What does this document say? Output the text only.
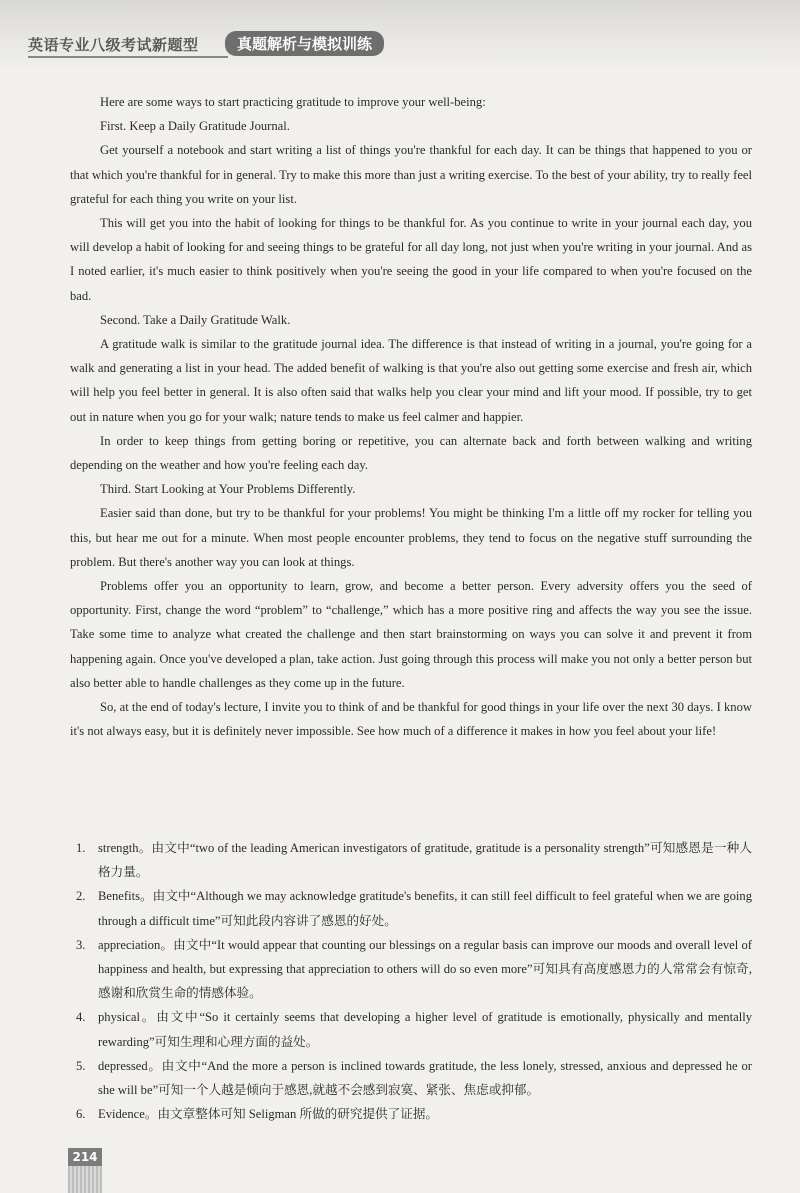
英语专业八级考试新题型	真题解析与模拟训练

Here are some ways to start practicing gratitude to improve your well-being:

First. Keep a Daily Gratitude Journal.

Get yourself a notebook and start writing a list of things you're thankful for each day. It can be things that happened to you or that which you're thankful for in general. Try to make this more than just a writing exercise. To the best of your ability, try to really feel grateful for each thing you write on your list.

This will get you into the habit of looking for things to be thankful for. As you continue to write in your journal each day, you will develop a habit of looking for and seeing things to be grateful for all day long, not just when you're writing in your journal. And as I noted earlier, it's much easier to think positively when you're seeing the good in your life compared to when you're focused on the bad.

Second. Take a Daily Gratitude Walk.

A gratitude walk is similar to the gratitude journal idea. The difference is that instead of writing in a journal, you're going for a walk and generating a list in your head. The added benefit of walking is that you're also out getting some exercise and fresh air, which will help you feel better in general. It is also often said that walks help you clear your mind and lift your mood. If possible, try to get out in nature when you go for your walk; nature tends to make us feel calmer and happier.

In order to keep things from getting boring or repetitive, you can alternate back and forth between walking and writing depending on the weather and how you're feeling each day.

Third. Start Looking at Your Problems Differently.

Easier said than done, but try to be thankful for your problems! You might be thinking I'm a little off my rocker for telling you this, but hear me out for a minute. When most people encounter problems, they tend to focus on the negative stuff surrounding the problem. But there's another way you can look at things.

Problems offer you an opportunity to learn, grow, and become a better person. Every adversity offers you the seed of opportunity. First, change the word “problem” to “challenge,” which has a more positive ring and affects the way you see the issue. Take some time to analyze what created the challenge and then start brainstorming on ways you can solve it and prevent it from happening again. Once you've developed a plan, take action. Just going through this process will make you not only a better person but also better able to handle challenges as they come up in the future.

So, at the end of today's lecture, I invite you to think of and be thankful for good things in your life over the next 30 days. I know it's not always easy, but it is definitely never impossible. See how much of a difference it makes in how you feel about your life!

1. strength。由文中“two of the leading American investigators of gratitude, gratitude is a personality strength”可知感恩是一种人格力量。
2. Benefits。由文中“Although we may acknowledge gratitude's benefits, it can still feel difficult to feel grateful when we are going through a difficult time”可知此段内容讲了感恩的好处。
3. appreciation。由文中“It would appear that counting our blessings on a regular basis can improve our moods and overall level of happiness and health, but expressing that appreciation to others will do so even more”可知具有高度感恩力的人常常会有惊奇,感谢和欣赏生命的情感体验。
4. physical。由文中“So it certainly seems that developing a higher level of gratitude is emotionally, physically and mentally rewarding”可知生理和心理方面的益处。
5. depressed。由文中“And the more a person is inclined towards gratitude, the less lonely, stressed, anxious and depressed he or she will be”可知一个人越是倾向于感恩,就越不会感到寂寞、紧张、焦虑或抑郁。
6. Evidence。由文章整体可知 Seligman 所做的研究提供了证据。
214
